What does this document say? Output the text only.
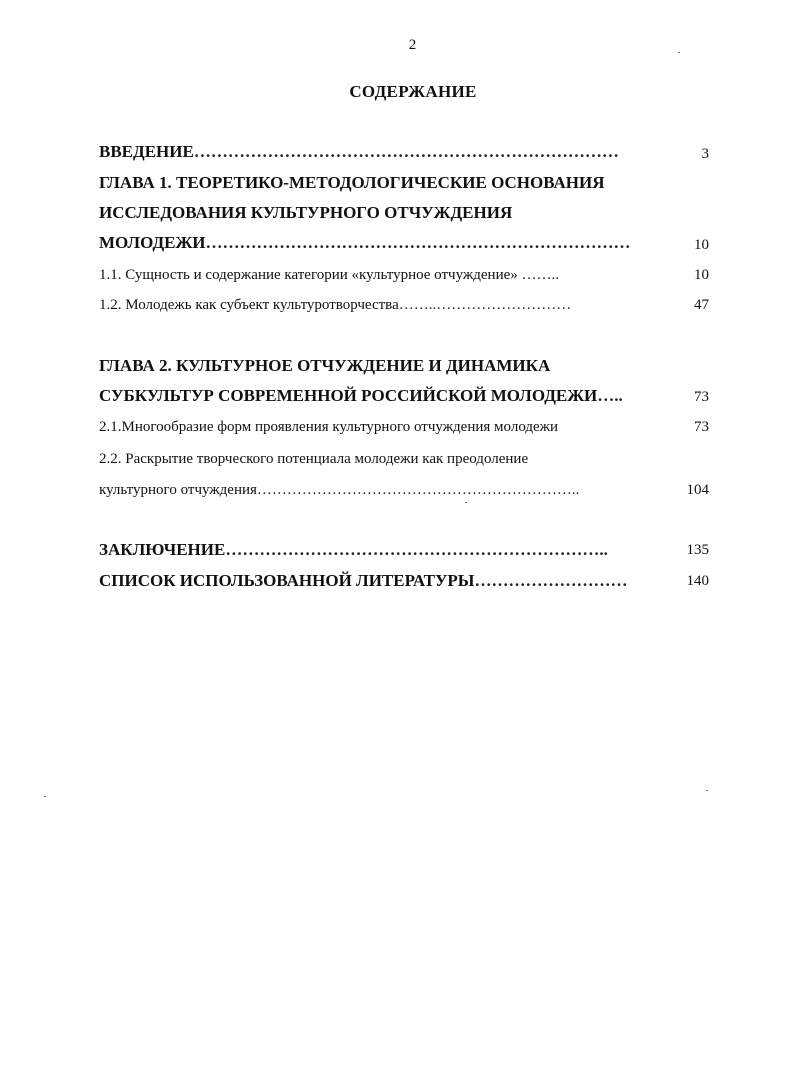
2
СОДЕРЖАНИЕ
ВВЕДЕНИЕ…………………………………………………………………	3
ГЛАВА 1. ТЕОРЕТИКО-МЕТОДОЛОГИЧЕСКИЕ ОСНОВАНИЯ
ИССЛЕДОВАНИЯ КУЛЬТУРНОГО ОТЧУЖДЕНИЯ
МОЛОДЕЖИ…………………………………………………………………	10
1.1. Сущность и содержание категории «культурное отчуждение» ……..	10
1.2. Молодежь как субъект культуротворчества……..………………………	47
ГЛАВА 2. КУЛЬТУРНОЕ ОТЧУЖДЕНИЕ И ДИНАМИКА
СУБКУЛЬТУР СОВРЕМЕННОЙ РОССИЙСКОЙ МОЛОДЕЖИ…..	73
2.1.Многообразие форм проявления культурного отчуждения молодежи	73
2.2. Раскрытие творческого потенциала молодежи как преодоление
культурного отчуждения………………………………………………………..	104
ЗАКЛЮЧЕНИЕ…………………………………………………………..	135
СПИСОК ИСПОЛЬЗОВАННОЙ ЛИТЕРАТУРЫ………………………	140
